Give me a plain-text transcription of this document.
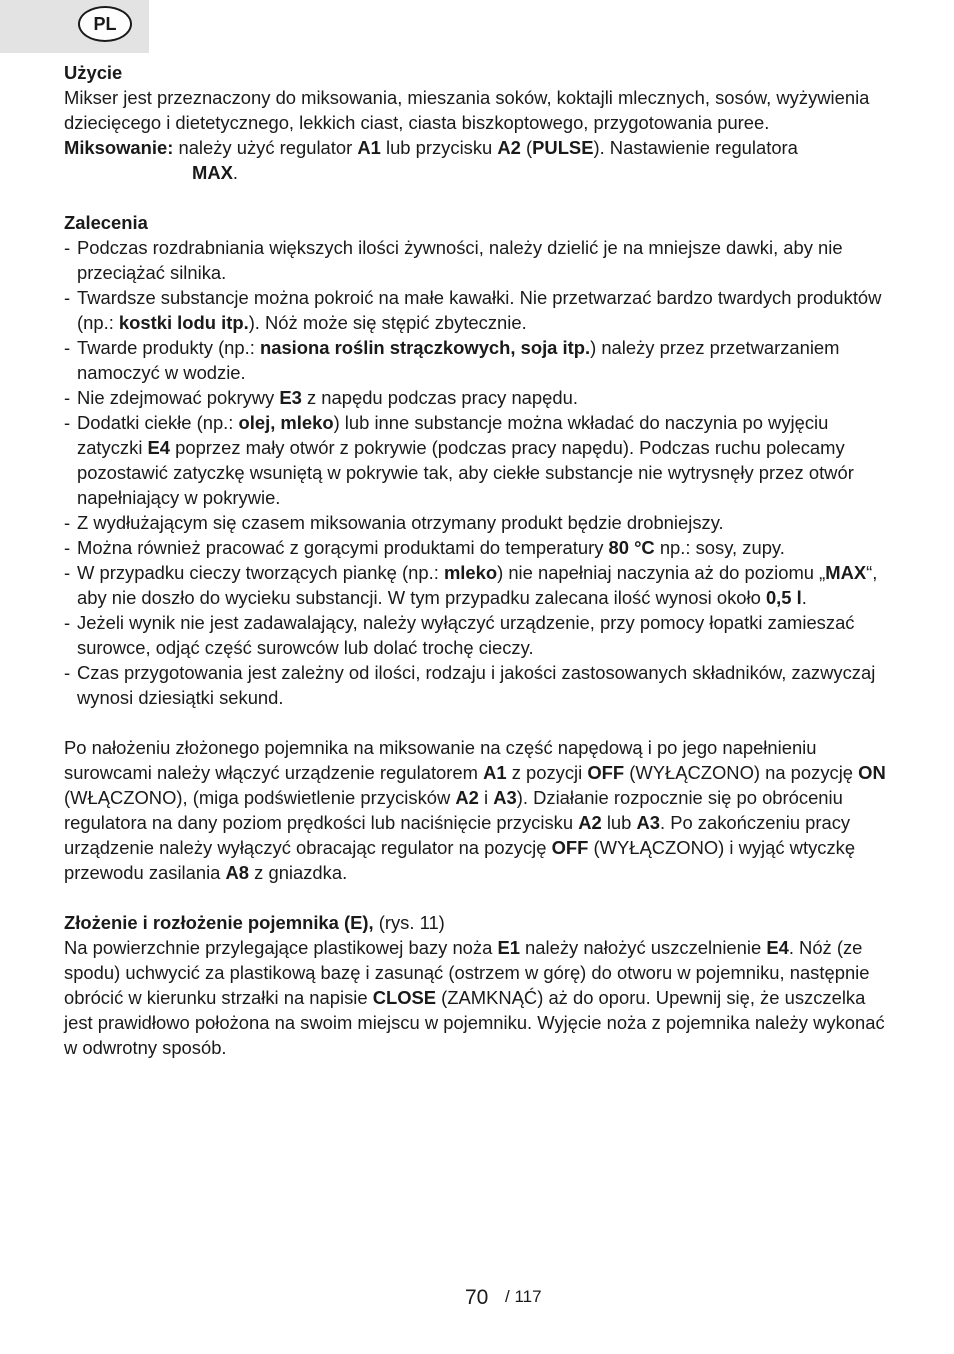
PL

Użycie

Mikser jest przeznaczony do miksowania, mieszania soków, koktajli mlecznych, sosów, wyżywienia dziecięcego i dietetycznego, lekkich ciast, ciasta biszkoptowego, przygotowania puree.

Miksowanie: należy użyć regulator A1 lub przycisku A2 (PULSE). Nastawienie regulatora

MAX.

Zalecenia

- Podczas rozdrabniania większych ilości żywności, należy dzielić je na mniejsze dawki, aby nie przeciążać silnika.
- Twardsze substancje można pokroić na małe kawałki. Nie przetwarzać bardzo twardych produktów (np.: kostki lodu itp.). Nóż może się stępić zbytecznie.
- Twarde produkty (np.: nasiona roślin strączkowych, soja itp.) należy przez przetwarzaniem namoczyć w wodzie.
- Nie zdejmować pokrywy E3 z napędu podczas pracy napędu.
- Dodatki ciekłe (np.: olej, mleko) lub inne substancje można wkładać do naczynia po wyjęciu zatyczki E4 poprzez mały otwór z pokrywie (podczas pracy napędu). Podczas ruchu polecamy pozostawić zatyczkę wsuniętą w pokrywie tak, aby ciekłe substancje nie wytrysnęły przez otwór napełniający w pokrywie.
- Z wydłużającym się czasem miksowania otrzymany produkt będzie drobniejszy.
- Można również pracować z gorącymi produktami do temperatury 80 °C np.: sosy, zupy.
- W przypadku cieczy tworzących piankę (np.: mleko) nie napełniaj naczynia aż do poziomu „MAX“, aby nie doszło do wycieku substancji. W tym przypadku zalecana ilość wynosi około 0,5 l.
- Jeżeli wynik nie jest zadawalający, należy wyłączyć urządzenie, przy pomocy łopatki zamieszać surowce, odjąć część surowców lub dolać trochę cieczy.
- Czas przygotowania jest zależny od ilości, rodzaju i jakości zastosowanych składników, zazwyczaj wynosi dziesiątki sekund.

Po nałożeniu złożonego pojemnika na miksowanie na część napędową i po jego napełnieniu surowcami należy włączyć urządzenie regulatorem A1 z pozycji OFF (WYŁĄCZONO) na pozycję ON (WŁĄCZONO), (miga podświetlenie przycisków A2 i A3). Działanie rozpocznie się po obróceniu regulatora na dany poziom prędkości lub naciśnięcie przycisku A2 lub A3. Po zakończeniu pracy urządzenie należy wyłączyć obracając regulator na pozycję OFF (WYŁĄCZONO) i wyjąć wtyczkę przewodu zasilania A8 z gniazdka.

Złożenie i rozłożenie pojemnika (E), (rys. 11)

Na powierzchnie przylegające plastikowej bazy noża E1 należy nałożyć uszczelnienie E4. Nóż (ze spodu) uchwycić za plastikową bazę i zasunąć (ostrzem w górę) do otworu w pojemniku, następnie obrócić w kierunku strzałki na napisie CLOSE (ZAMKNĄĆ) aż do oporu. Upewnij się, że uszczelka jest prawidłowo położona na swoim miejscu w pojemniku. Wyjęcie noża z pojemnika należy wykonać w odwrotny sposób.

70 / 117
